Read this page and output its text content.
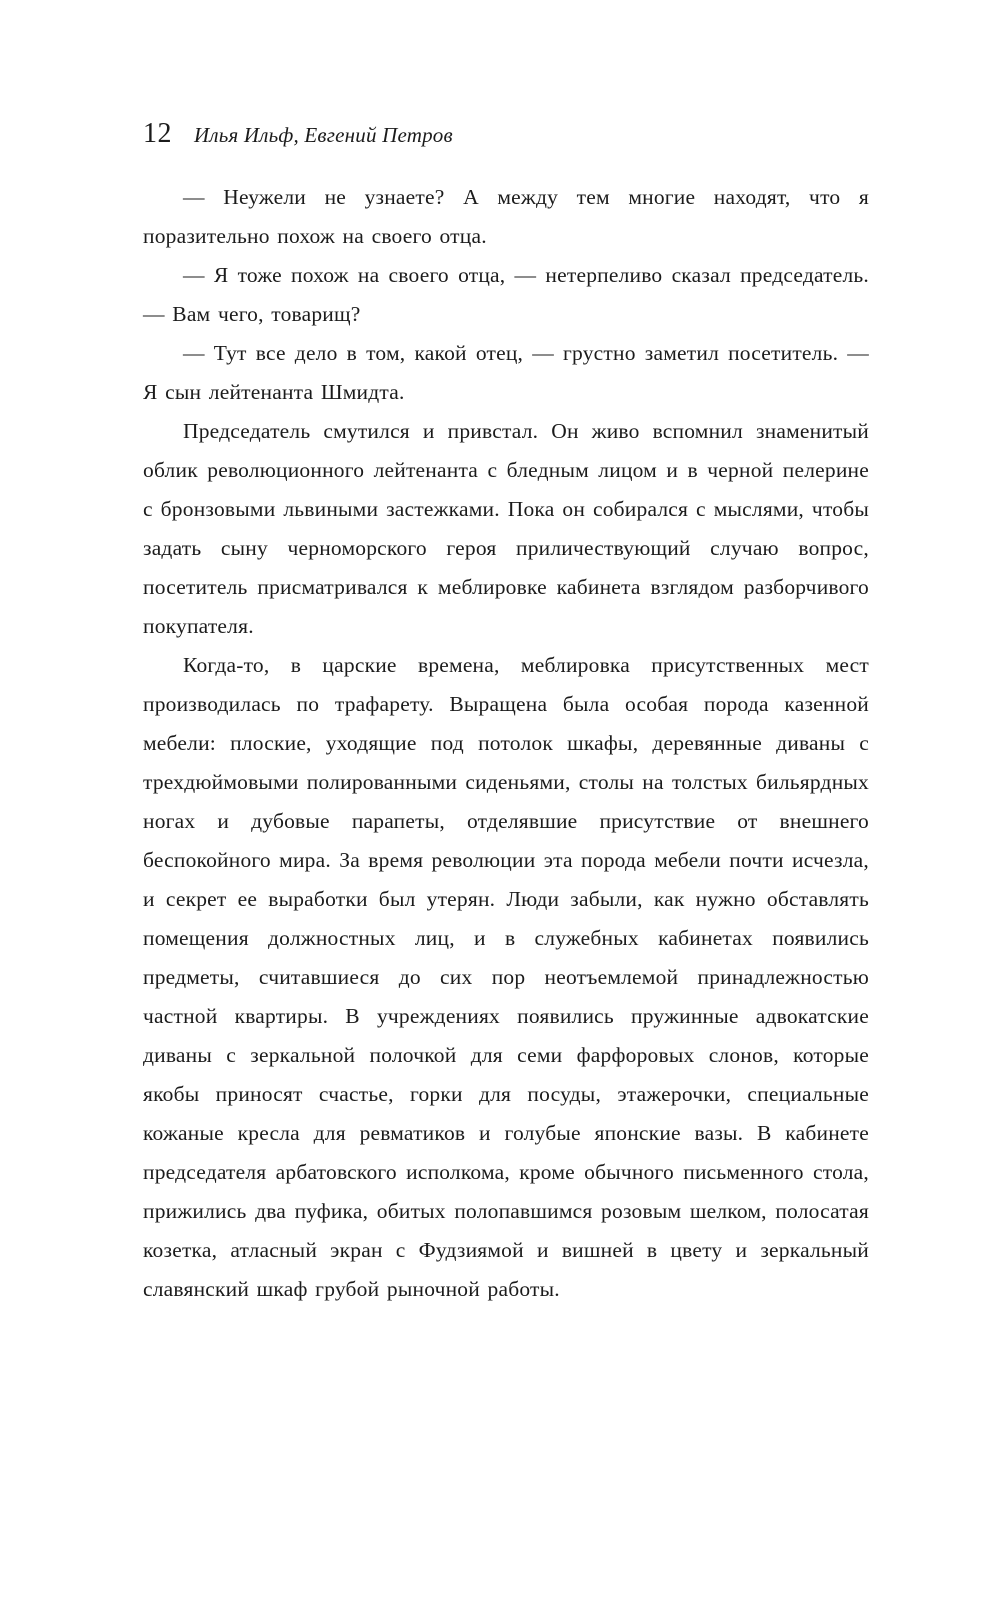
12 Илья Ильф, Евгений Петров

— Неужели не узнаете? А между тем многие находят, что я поразительно похож на своего отца.

— Я тоже похож на своего отца, — нетерпеливо сказал председатель. — Вам чего, товарищ?

— Тут все дело в том, какой отец, — грустно заметил посетитель. — Я сын лейтенанта Шмидта.

Председатель смутился и привстал. Он живо вспомнил знаменитый облик революционного лейтенанта с бледным лицом и в черной пелерине с бронзовыми львиными застежками. Пока он собирался с мыслями, чтобы задать сыну черноморского героя приличествующий случаю вопрос, посетитель присматривался к меблировке кабинета взглядом разборчивого покупателя.

Когда-то, в царские времена, меблировка присутственных мест производилась по трафарету. Выращена была особая порода казенной мебели: плоские, уходящие под потолок шкафы, деревянные диваны с трехдюймовыми полированными сиденьями, столы на толстых бильярдных ногах и дубовые парапеты, отделявшие присутствие от внешнего беспокойного мира. За время революции эта порода мебели почти исчезла, и секрет ее выработки был утерян. Люди забыли, как нужно обставлять помещения должностных лиц, и в служебных кабинетах появились предметы, считавшиеся до сих пор неотъемлемой принадлежностью частной квартиры. В учреждениях появились пружинные адвокатские диваны с зеркальной полочкой для семи фарфоровых слонов, которые якобы приносят счастье, горки для посуды, этажерочки, специальные кожаные кресла для ревматиков и голубые японские вазы. В кабинете председателя арбатовского исполкома, кроме обычного письменного стола, прижились два пуфика, обитых полопавшимся розовым шелком, полосатая козетка, атласный экран с Фудзиямой и вишней в цвету и зеркальный славянский шкаф грубой рыночной работы.
